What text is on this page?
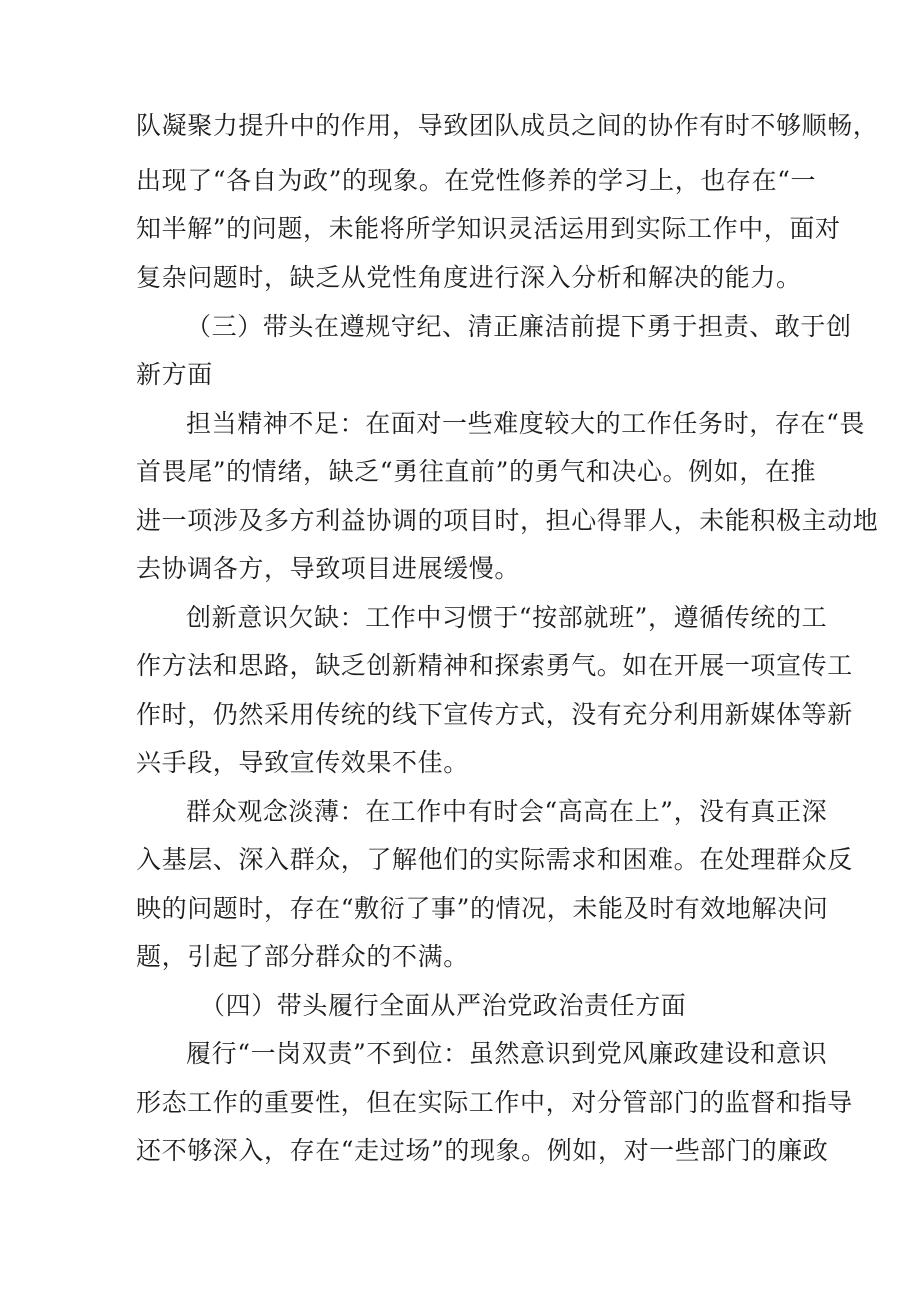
队凝聚力提升中的作用，导致团队成员之间的协作有时不够顺畅，
出现了“各自为政”的现象。在党性修养的学习上，也存在“一
知半解”的问题，未能将所学知识灵活运用到实际工作中，面对
复杂问题时，缺乏从党性角度进行深入分析和解决的能力。
（三）带头在遵规守纪、清正廉洁前提下勇于担责、敢于创
新方面
担当精神不足：在面对一些难度较大的工作任务时，存在“畏
首畏尾”的情绪，缺乏“勇往直前”的勇气和决心。例如，在推
进一项涉及多方利益协调的项目时，担心得罪人，未能积极主动地
去协调各方，导致项目进展缓慢。
创新意识欠缺：工作中习惯于“按部就班”，遵循传统的工
作方法和思路，缺乏创新精神和探索勇气。如在开展一项宣传工
作时，仍然采用传统的线下宣传方式，没有充分利用新媒体等新
兴手段，导致宣传效果不佳。
群众观念淡薄：在工作中有时会“高高在上”，没有真正深
入基层、深入群众，了解他们的实际需求和困难。在处理群众反
映的问题时，存在“敷衍了事”的情况，未能及时有效地解决问
题，引起了部分群众的不满。
（四）带头履行全面从严治党政治责任方面
履行“一岗双责”不到位：虽然意识到党风廉政建设和意识
形态工作的重要性，但在实际工作中，对分管部门的监督和指导
还不够深入，存在“走过场”的现象。例如，对一些部门的廉政
